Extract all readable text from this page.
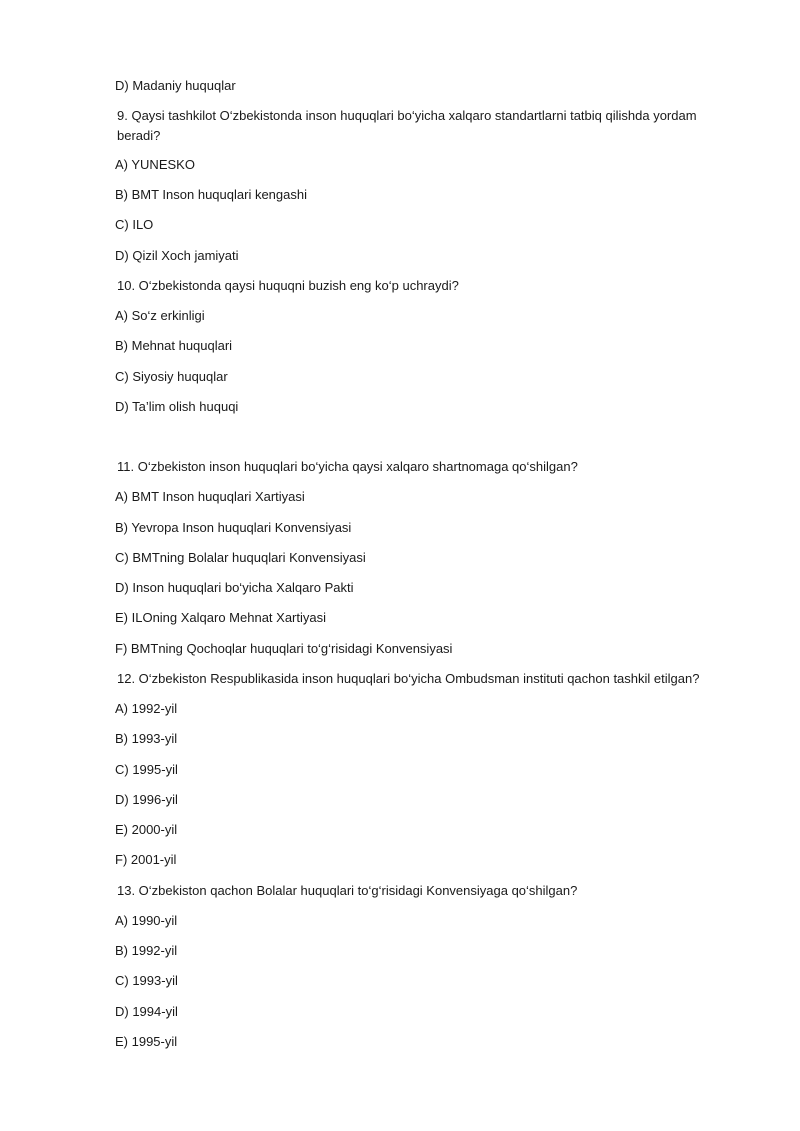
D) Madaniy huquqlar
9. Qaysi tashkilot O‘zbekistonda inson huquqlari bo‘yicha xalqaro standartlarni tatbiq qilishda yordam beradi?
A) YUNESKO
B) BMT Inson huquqlari kengashi
C) ILO
D) Qizil Xoch jamiyati
10. O‘zbekistonda qaysi huquqni buzish eng ko‘p uchraydi?
A) So‘z erkinligi
B) Mehnat huquqlari
C) Siyosiy huquqlar
D) Ta’lim olish huquqi
11. O‘zbekiston inson huquqlari bo‘yicha qaysi xalqaro shartnomaga qo‘shilgan?
A) BMT Inson huquqlari Xartiyasi
B) Yevropa Inson huquqlari Konvensiyasi
C) BMTning Bolalar huquqlari Konvensiyasi
D) Inson huquqlari bo‘yicha Xalqaro Pakti
E) ILOning Xalqaro Mehnat Xartiyasi
F) BMTning Qochoqlar huquqlari to‘g‘risidagi Konvensiyasi
12. O‘zbekiston Respublikasida inson huquqlari bo‘yicha Ombudsman instituti qachon tashkil etilgan?
A) 1992-yil
B) 1993-yil
C) 1995-yil
D) 1996-yil
E) 2000-yil
F) 2001-yil
13. O‘zbekiston qachon Bolalar huquqlari to‘g‘risidagi Konvensiyaga qo‘shilgan?
A) 1990-yil
B) 1992-yil
C) 1993-yil
D) 1994-yil
E) 1995-yil
